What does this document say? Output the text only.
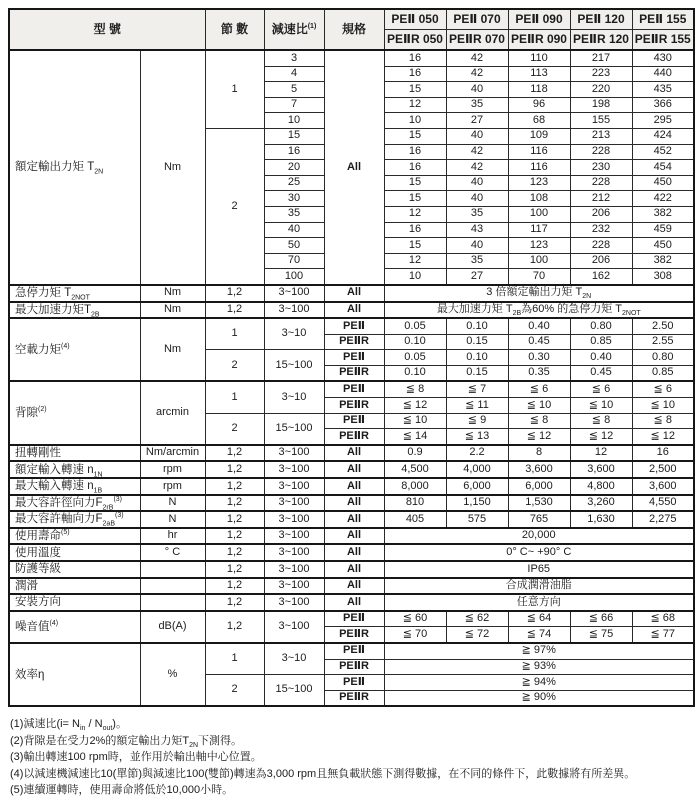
型 號		節 數	減速比$^{(1)}$	規格	PEⅡ 050	PEⅡ 070	PEⅡ 090	PEⅡ 120	PEⅡ 155
					PEⅡR 050	PEⅡR 070	PEⅡR 090	PEⅡR 120	PEⅡR 155
額定輸出力矩 $T_{2N}$	Nm	1	3	All	16	42	110	217	430
			4		16	42	113	223	440
			5		15	40	118	220	435
			7		12	35	96	198	366
			10		10	27	68	155	295
		2	15		15	40	109	213	424
			16		16	42	116	228	452
			20		16	42	116	230	454
			25		15	40	123	228	450
			30		15	40	108	212	422
			35		12	35	100	206	382
			40		16	43	117	232	459
			50		15	40	123	228	450
			70		12	35	100	206	382
			100		10	27	70	162	308
急停力矩 $T_{2NOT}$	Nm	1,2	3~100	All	3 倍額定輸出力矩 $T_{2N}$
最大加速力矩$T_{2B}$	Nm	1,2	3~100	All	最大加速力矩 $T_{2B}$為60% 的急停力矩 $T_{2NOT}$
空載力矩$^{(4)}$	Nm	1	3~10	PEⅡ	0.05	0.10	0.40	0.80	2.50
				PEⅡR	0.10	0.15	0.45	0.85	2.55
		2	15~100	PEⅡ	0.05	0.10	0.30	0.40	0.80
				PEⅡR	0.10	0.15	0.35	0.45	0.85
背隙$^{(2)}$	arcmin	1	3~10	PEⅡ	≦ 8	≦ 7	≦ 6	≦ 6	≦ 6
				PEⅡR	≦ 12	≦ 11	≦ 10	≦ 10	≦ 10
		2	15~100	PEⅡ	≦ 10	≦ 9	≦ 8	≦ 8	≦ 8
				PEⅡR	≦ 14	≦ 13	≦ 12	≦ 12	≦ 12
扭轉剛性	Nm/arcmin	1,2	3~100	All	0.9	2.2	8	12	16
額定輸入轉速 $n_{1N}$	rpm	1,2	3~100	All	4,500	4,000	3,600	3,600	2,500
最大輸入轉速 $n_{1B}$	rpm	1,2	3~100	All	8,000	6,000	6,000	4,800	3,600
最大容許徑向力$F_{2rB}^{(3)}$	N	1,2	3~100	All	810	1,150	1,530	3,260	4,550
最大容許軸向力$F_{2aB}^{(3)}$	N	1,2	3~100	All	405	575	765	1,630	2,275
使用壽命$^{(5)}$	hr	1,2	3~100	All	20,000				
使用溫度	° C	1,2	3~100	All	0° C~ +90° C				
防護等級		1,2	3~100	All	IP65				
潤滑		1,2	3~100	All	合成潤滑油脂				
安裝方向		1,2	3~100	All	任意方向				
噪音值$^{(4)}$	dB(A)	1,2	3~100	PEⅡ	≦ 60	≦ 62	≦ 64	≦ 66	≦ 68
				PEⅡR	≦ 70	≦ 72	≦ 74	≦ 75	≦ 77
效率η	%	1	3~10	PEⅡ	≧ 97%				
				PEⅡR	≧ 93%				
		2	15~100	PEⅡ	≧ 94%				
				PEⅡR	≧ 90%				

(1)減速比$(i= N_{in} / N_{out})$。

(2)背隙是在受力2%的額定輸出力矩$T_{2N}$下測得。

(3)輸出轉速100 rpm時，並作用於輸出軸中心位置。

(4)以減速機減速比10(單節)與減速比100(雙節)轉速為3,000 rpm且無負載狀態下測得數據，在不同的條件下，此數據將有所差異。

(5)連續運轉時，使用壽命將低於10,000小時。
